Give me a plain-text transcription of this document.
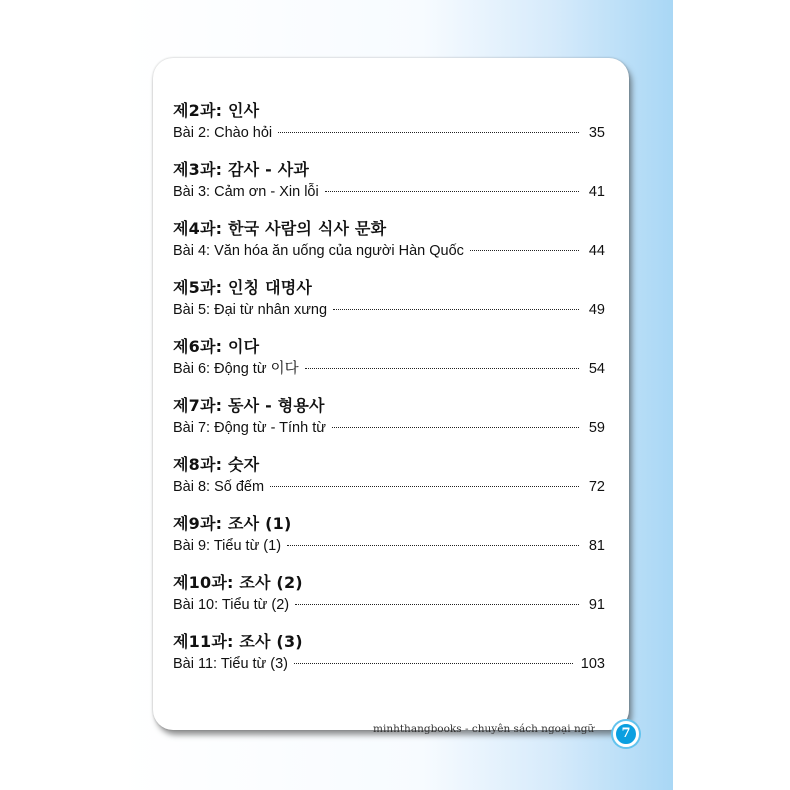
제2과: 인사
Bài 2: Chào hỏi	35
제3과: 감사 - 사과
Bài 3: Cảm ơn - Xin lỗi	41
제4과: 한국 사람의 식사 문화
Bài 4: Văn hóa ăn uống của người Hàn Quốc	44
제5과: 인칭 대명사
Bài 5: Đại từ nhân xưng	49
제6과: 이다
Bài 6: Động từ 이다	54
제7과: 동사 - 형용사
Bài 7: Động từ - Tính từ	59
제8과: 숫자
Bài 8: Số đếm	72
제9과: 조사 (1)
Bài 9: Tiểu từ (1)	81
제10과: 조사 (2)
Bài 10: Tiểu từ (2)	91
제11과: 조사 (3)
Bài 11: Tiểu từ (3)	103
minhthangbooks - chuyên sách ngoại ngữ	7
